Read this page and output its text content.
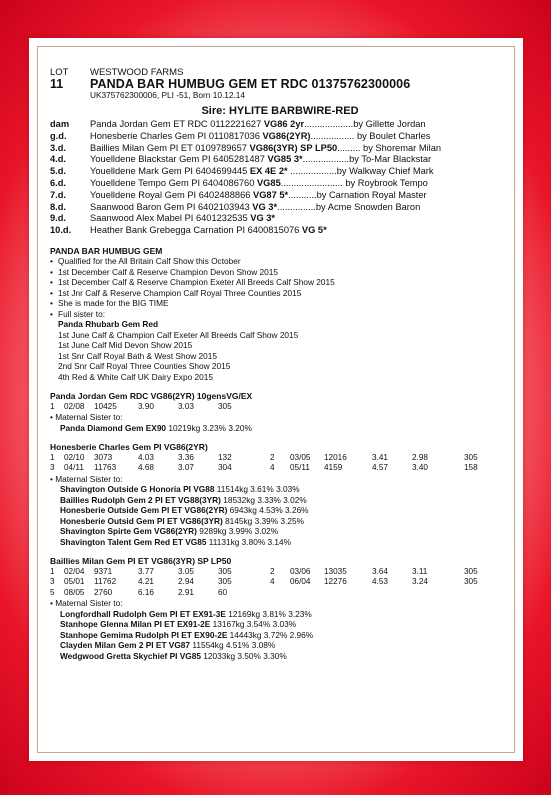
LOT	WESTWOOD FARMS
11	PANDA BAR HUMBUG GEM ET RDC 01375762300006
UK375762300006, PLI -51, Born 10.12.14
Sire: HYLITE BARBWIRE-RED
dam	Panda Jordan Gem ET RDC 0112221627 VG86 2yr...................by Gillette Jordan
g.d.	Honesberie Charles Gem PI 0110817036 VG86(2YR)................. by Boulet Charles
3.d.	Baillies Milan Gem PI ET 0109789657 VG86(3YR) SP LP50......... by Shoremar Milan
4.d.	Youelldene Blackstar Gem PI 6405281487 VG85 3*..................by To-Mar Blackstar
5.d.	Youelldene Mark Gem PI 6404699445 EX 4E 2* ..................by Walkway Chief Mark
6.d.	Youelldene Tempo Gem PI 6404086760 VG85........................ by Roybrook Tempo
7.d.	Youelldene Royal Gem PI 6402488866 VG87 5*...........by Carnation Royal Master
8.d.	Saanwood Baron Gem PI 6402103943 VG 3*...............by Acme Snowden Baron
9.d.	Saanwood Alex Mabel PI 6401232535 VG 3*
10.d.	Heather Bank Grebegga Carnation PI 6400815076 VG 5*
PANDA BAR HUMBUG GEM
• Qualified for the All Britain Calf Show this October
• 1st December Calf & Reserve Champion Devon Show 2015
• 1st December Calf & Reserve Champion Exeter All Breeds Calf Show 2015
• 1st Jnr Calf & Reserve Champion Calf Royal Three Counties 2015
• She is made for the BIG TIME
• Full sister to:
Panda Rhubarb Gem Red
1st June Calf & Champion Calf Exeter All Breeds Calf Show 2015
1st June Calf Mid Devon Show 2015
1st Snr Calf Royal Bath & West Show 2015
2nd Snr Calf Royal Three Counties Show 2015
4th Red & White Calf UK Dairy Expo 2015
Panda Jordan Gem RDC VG86(2YR) 10gensVG/EX
1	02/08	10425	3.90	3.03	305
• Maternal Sister to:
Panda Diamond Gem EX90 10219kg 3.23% 3.20%
Honesberie Charles Gem PI VG86(2YR)
1	02/10	3073	4.03	3.36	132	2	03/05	12016	3.41	2.98	305
3	04/11	11763	4.68	3.07	304	4	05/11	4159	4.57	3.40	158
• Maternal Sister to:
Shavington Outside G Honoria PI VG88 11514kg 3.61% 3.03%
Baillies Rudolph Gem 2 PI ET VG88(3YR) 18532kg 3.33% 3.02%
Honesberie Outside Gem PI ET VG86(2YR) 6943kg 4.53% 3.26%
Honesberie Outsid Gem PI ET VG86(3YR) 8145kg 3.39% 3.25%
Shavington Spirte Gem VG86(2YR) 9289kg 3.99% 3.02%
Shavington Talent Gem Red ET VG85 11131kg 3.80% 3.14%
Baillies Milan Gem PI ET VG86(3YR) SP LP50
1	02/04	9371	3.77	3.05	305	2	03/06	13035	3.64	3.11	305
3	05/01	11762	4.21	2.94	305	4	06/04	12276	4.53	3.24	305
5	08/05	2760	6.16	2.91	60
• Maternal Sister to:
Longfordhall Rudolph Gem PI ET EX91-3E 12169kg 3.81% 3.23%
Stanhope Glenna Milan PI ET EX91-2E 13167kg 3.54% 3.03%
Stanhope Gemima Rudolph PI ET EX90-2E 14443kg 3.72% 2.96%
Clayden Milan Gem 2 PI ET VG87 11554kg 4.51% 3.08%
Wedgwood Gretta Skychief PI VG85 12033kg 3.50% 3.30%
